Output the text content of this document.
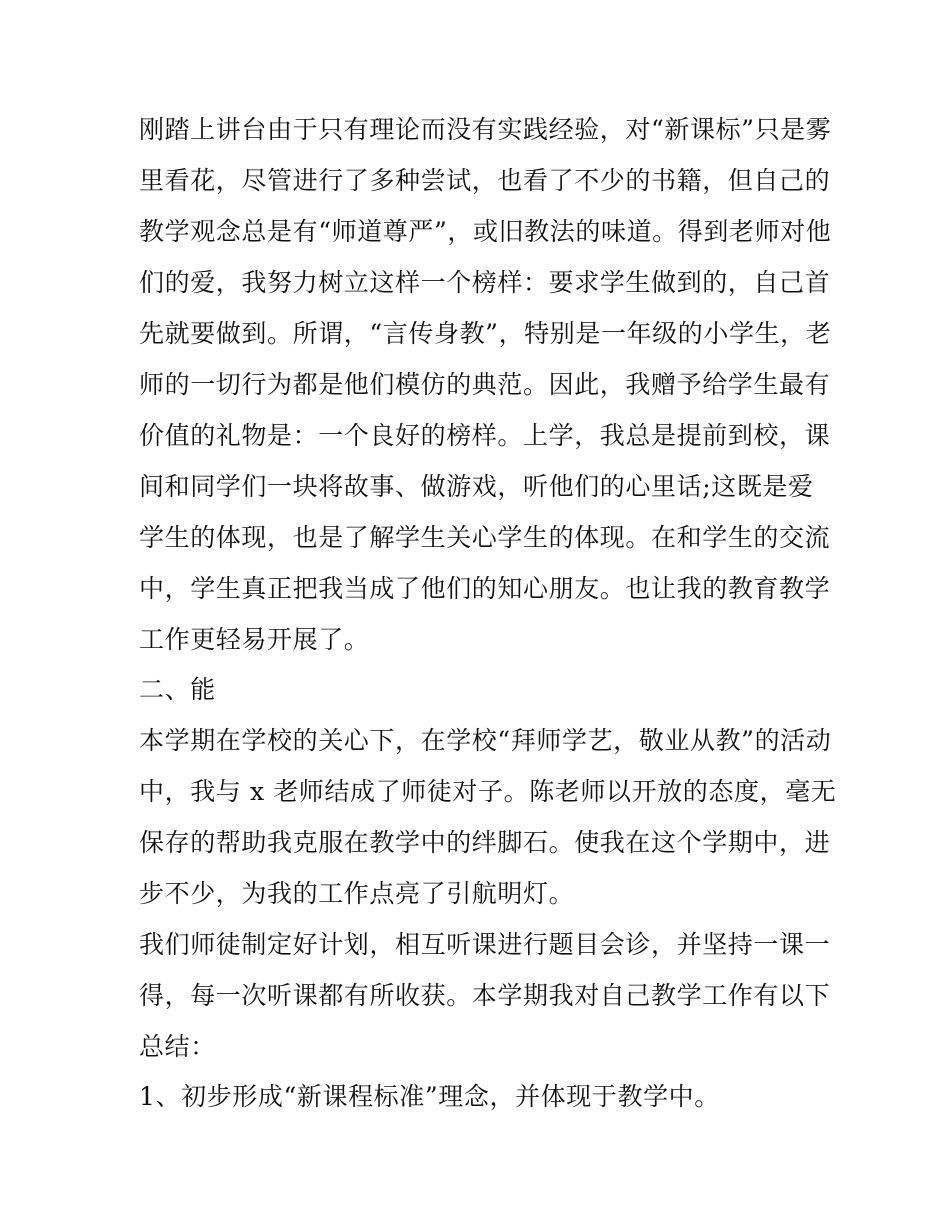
刚踏上讲台由于只有理论而没有实践经验，对“新课标”只是雾
里看花，尽管进行了多种尝试，也看了不少的书籍，但自己的
教学观念总是有“师道尊严”，或旧教法的味道。得到老师对他
们的爱，我努力树立这样一个榜样：要求学生做到的，自己首
先就要做到。所谓，“言传身教”，特别是一年级的小学生，老
师的一切行为都是他们模仿的典范。因此，我赠予给学生最有
价值的礼物是：一个良好的榜样。上学，我总是提前到校，课
间和同学们一块将故事、做游戏，听他们的心里话;这既是爱
学生的体现，也是了解学生关心学生的体现。在和学生的交流
中，学生真正把我当成了他们的知心朋友。也让我的教育教学
工作更轻易开展了。
二、能
本学期在学校的关心下，在学校“拜师学艺，敬业从教”的活动
中，我与 x 老师结成了师徒对子。陈老师以开放的态度，毫无
保存的帮助我克服在教学中的绊脚石。使我在这个学期中，进
步不少，为我的工作点亮了引航明灯。
我们师徒制定好计划，相互听课进行题目会诊，并坚持一课一
得，每一次听课都有所收获。本学期我对自己教学工作有以下
总结：
1、初步形成“新课程标准”理念，并体现于教学中。
